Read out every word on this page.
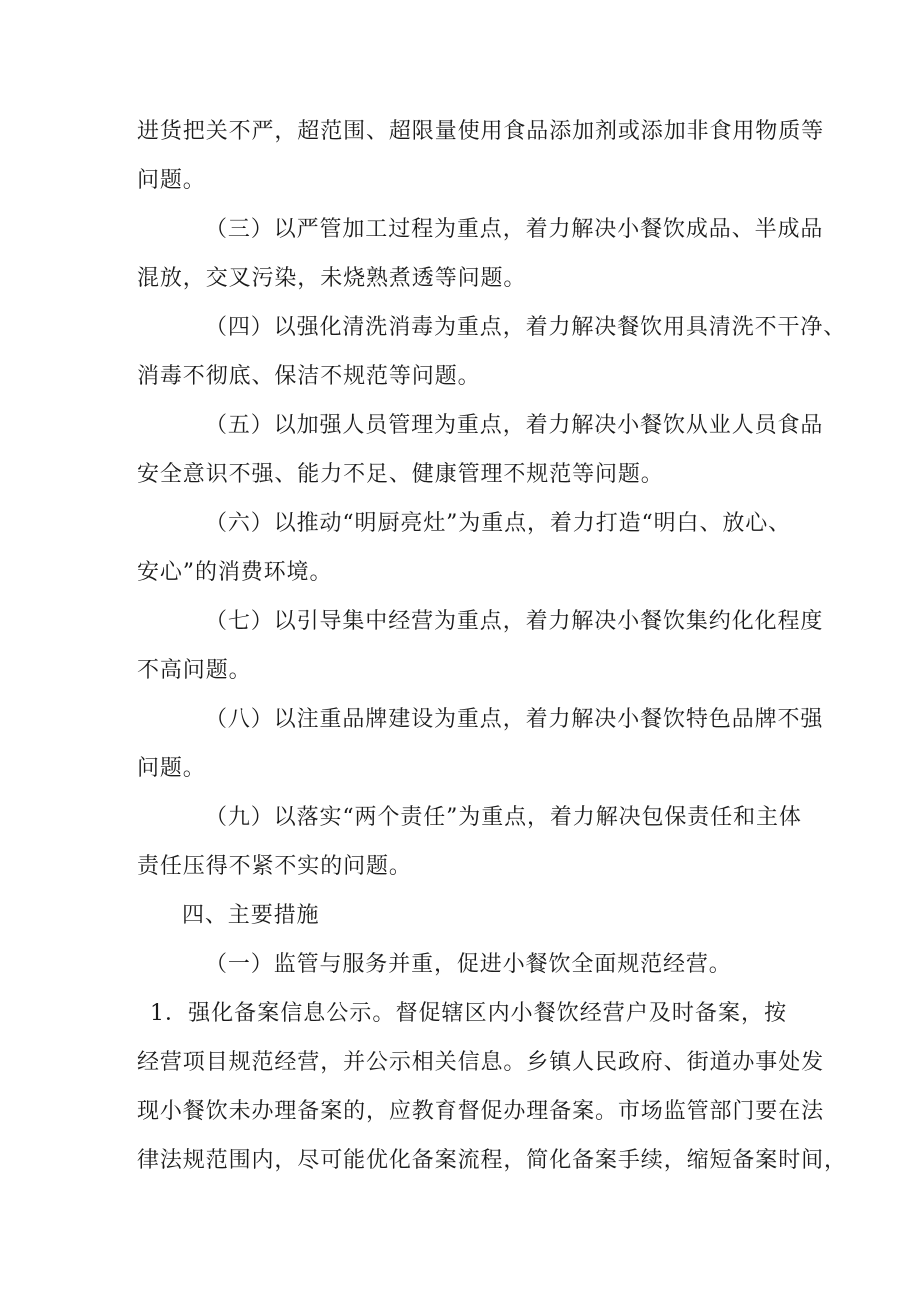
进货把关不严，超范围、超限量使用食品添加剂或添加非食用物质等
问题。
（三）以严管加工过程为重点，着力解决小餐饮成品、半成品
混放，交叉污染，未烧熟煮透等问题。
（四）以强化清洗消毒为重点，着力解决餐饮用具清洗不干净、
消毒不彻底、保洁不规范等问题。
（五）以加强人员管理为重点，着力解决小餐饮从业人员食品
安全意识不强、能力不足、健康管理不规范等问题。
（六）以推动“明厨亮灶”为重点，着力打造“明白、放心、
安心”的消费环境。
（七）以引导集中经营为重点，着力解决小餐饮集约化化程度
不高问题。
（八）以注重品牌建设为重点，着力解决小餐饮特色品牌不强
问题。
（九）以落实“两个责任”为重点，着力解决包保责任和主体
责任压得不紧不实的问题。
四、主要措施
（一）监管与服务并重，促进小餐饮全面规范经营。
1．强化备案信息公示。督促辖区内小餐饮经营户及时备案，按
经营项目规范经营，并公示相关信息。乡镇人民政府、街道办事处发
现小餐饮未办理备案的，应教育督促办理备案。市场监管部门要在法
律法规范围内，尽可能优化备案流程，简化备案手续，缩短备案时间，
